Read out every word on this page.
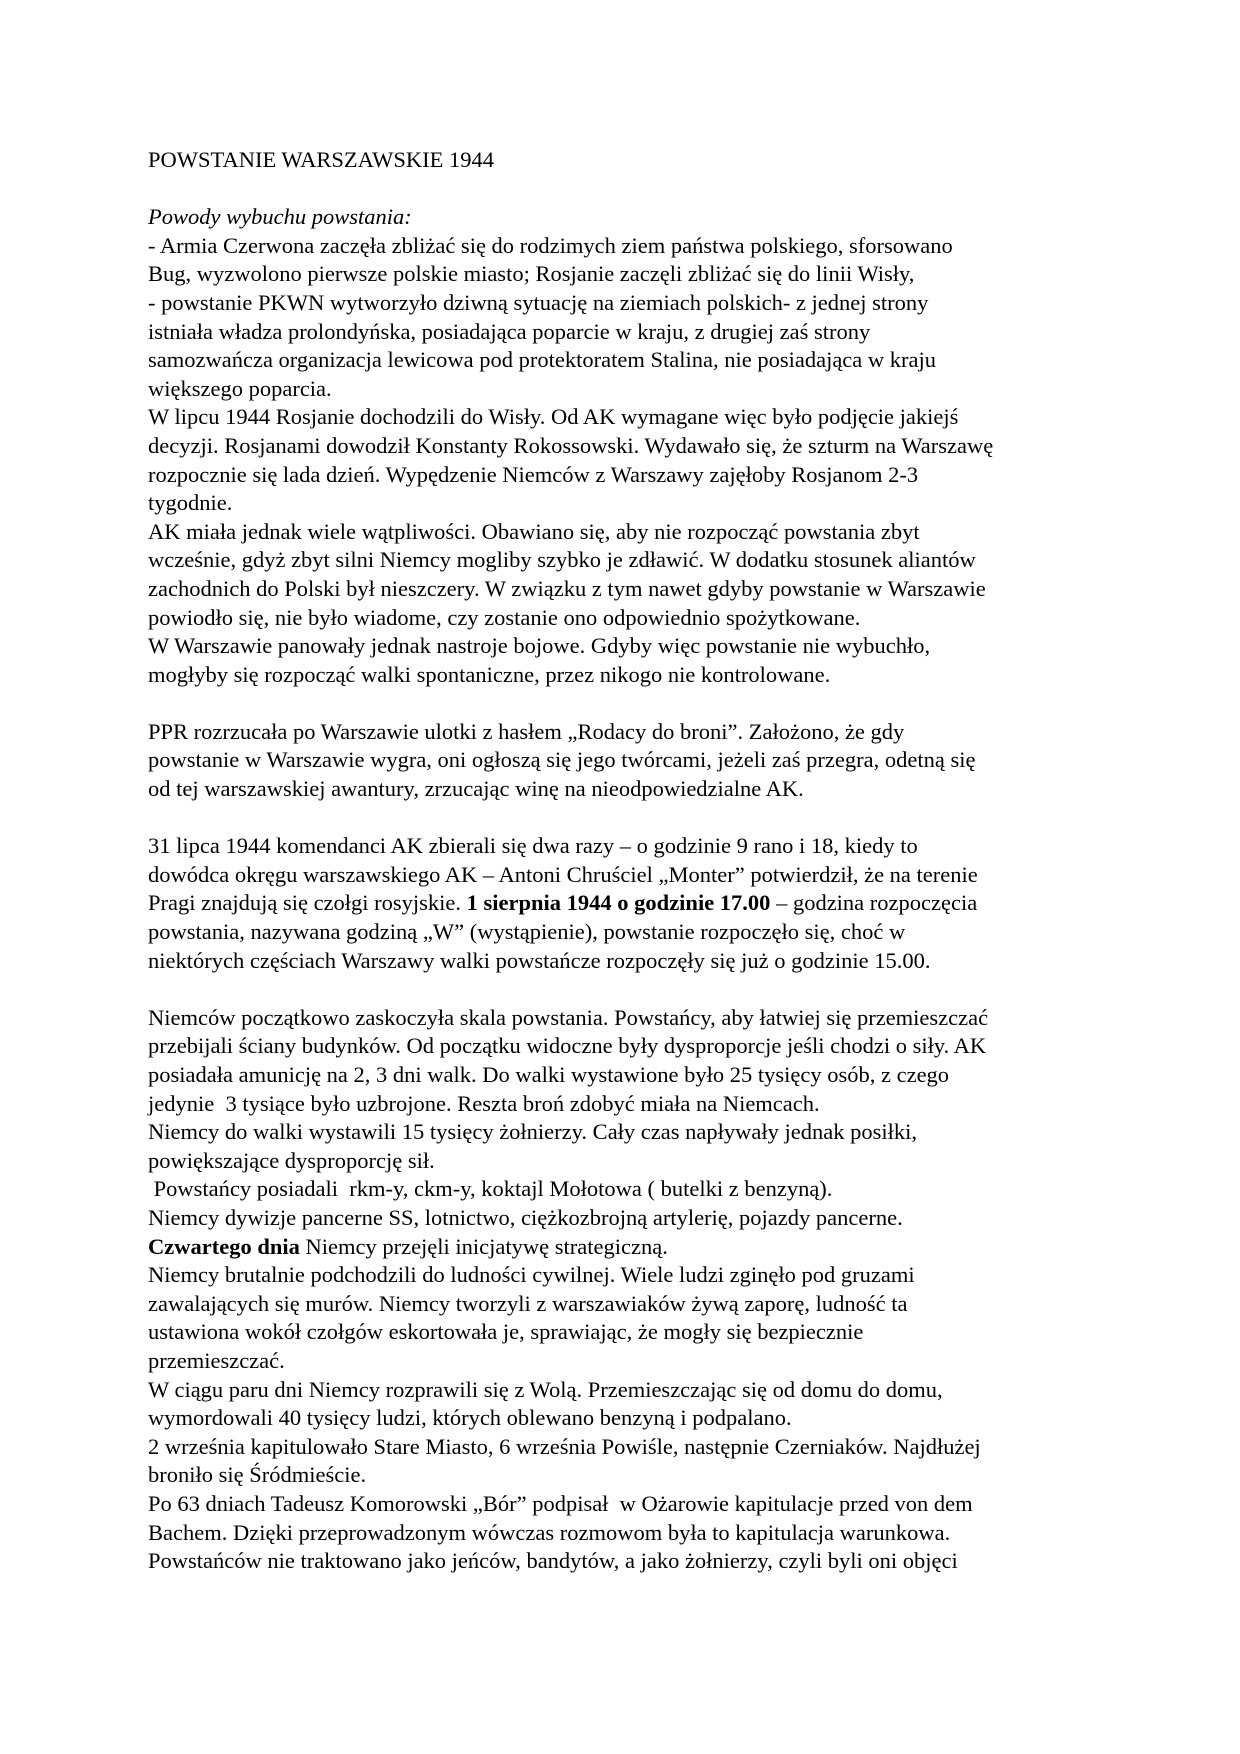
POWSTANIE WARSZAWSKIE 1944
Powody wybuchu powstania:
- Armia Czerwona zaczęła zbliżać się do rodzimych ziem państwa polskiego, sforsowano
Bug, wyzwolono pierwsze polskie miasto; Rosjanie zaczęli zbliżać się do linii Wisły,
- powstanie PKWN wytworzyło dziwną sytuację na ziemiach polskich- z jednej strony
istniała władza prolondyńska, posiadająca poparcie w kraju, z drugiej zaś strony
samozwańcza organizacja lewicowa pod protektoratem Stalina, nie posiadająca w kraju
większego poparcia.
W lipcu 1944 Rosjanie dochodzili do Wisły. Od AK wymagane więc było podjęcie jakiejś
decyzji. Rosjanami dowodził Konstanty Rokossowski. Wydawało się, że szturm na Warszawę
rozpocznie się lada dzień. Wypędzenie Niemców z Warszawy zajęłoby Rosjanom 2-3
tygodnie.
AK miała jednak wiele wątpliwości. Obawiano się, aby nie rozpocząć powstania zbyt
wcześnie, gdyż zbyt silni Niemcy mogliby szybko je zdławić. W dodatku stosunek aliantów
zachodnich do Polski był nieszczery. W związku z tym nawet gdyby powstanie w Warszawie
powiodło się, nie było wiadome, czy zostanie ono odpowiednio spożytkowane.
W Warszawie panowały jednak nastroje bojowe. Gdyby więc powstanie nie wybuchło,
mogłyby się rozpocząć walki spontaniczne, przez nikogo nie kontrolowane.
PPR rozrzucała po Warszawie ulotki z hasłem „Rodacy do broni”. Założono, że gdy
powstanie w Warszawie wygra, oni ogłoszą się jego twórcami, jeżeli zaś przegra, odetną się
od tej warszawskiej awantury, zrzucając winę na nieodpowiedzialne AK.
31 lipca 1944 komendanci AK zbierali się dwa razy – o godzinie 9 rano i 18, kiedy to
dowódca okręgu warszawskiego AK – Antoni Chruściel „Monter” potwierdził, że na terenie
Pragi znajdują się czołgi rosyjskie. 1 sierpnia 1944 o godzinie 17.00 – godzina rozpoczęcia
powstania, nazywana godziną „W” (wystąpienie), powstanie rozpoczęło się, choć w
niektórych częściach Warszawy walki powstańcze rozpoczęły się już o godzinie 15.00.
Niemców początkowo zaskoczyła skala powstania. Powstańcy, aby łatwiej się przemieszczać
przebijali ściany budynków. Od początku widoczne były dysproporcje jeśli chodzi o siły. AK
posiadała amunicję na 2, 3 dni walk. Do walki wystawione było 25 tysięcy osób, z czego
jedynie  3 tysiące było uzbrojone. Reszta broń zdobyć miała na Niemcach.
Niemcy do walki wystawili 15 tysięcy żołnierzy. Cały czas napływały jednak posiłki,
powiększające dysproporcję sił.
Powstańcy posiadali  rkm-y, ckm-y, koktajl Mołotowa ( butelki z benzyną).
Niemcy dywizje pancerne SS, lotnictwo, ciężkozbrojną artylerię, pojazdy pancerne.
Czwartego dnia Niemcy przejęli inicjatywę strategiczną.
Niemcy brutalnie podchodzili do ludności cywilnej. Wiele ludzi zginęło pod gruzami
zawalających się murów. Niemcy tworzyli z warszawiaków żywą zaporę, ludność ta
ustawiona wokół czołgów eskortowała je, sprawiając, że mogły się bezpiecznie
przemieszczać.
W ciągu paru dni Niemcy rozprawili się z Wolą. Przemieszczając się od domu do domu,
wymordowali 40 tysięcy ludzi, których oblewano benzyną i podpalano.
2 września kapitulowało Stare Miasto, 6 września Powiśle, następnie Czerniaków. Najdłużej
broniło się Śródmieście.
Po 63 dniach Tadeusz Komorowski „Bór” podpisał  w Ożarowie kapitulacje przed von dem
Bachem. Dzięki przeprowadzonym wówczas rozmowom była to kapitulacja warunkowa.
Powstańców nie traktowano jako jeńców, bandytów, a jako żołnierzy, czyli byli oni objęci
